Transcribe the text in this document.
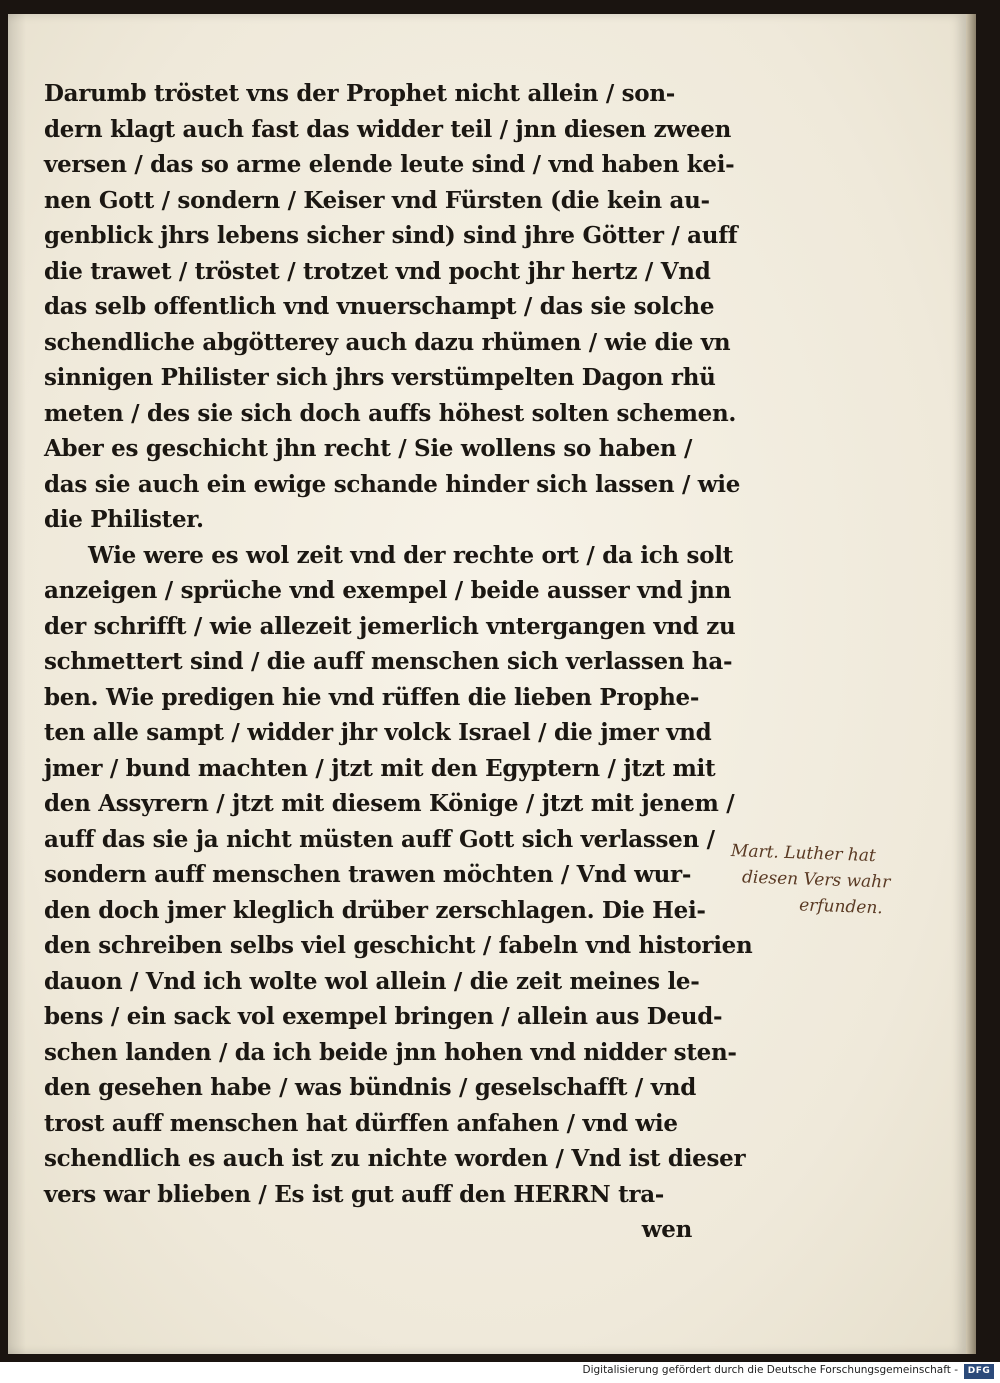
Darumb tröstet vns der Prophet nicht allein / son-
dern klagt auch fast das widder teil / jnn diesen zween
versen / das so arme elende leute sind / vnd haben kei-
nen Gott / sondern / Keiser vnd Fürsten (die kein au-
genblick jhrs lebens sicher sind) sind jhre Götter / auff
die trawet / tröstet / trotzet vnd pocht jhr hertz / Vnd
das selb offentlich vnd vnuerschampt / das sie solche
schendliche abgötterey auch dazu rhümen / wie die vn
sinnigen Philister sich jhrs verstümpelten Dagon rhü
meten / des sie sich doch auffs höhest solten schemen.
Aber es geschicht jhn recht / Sie wollens so haben /
das sie auch ein ewige schande hinder sich lassen / wie
die Philister.
Wie were es wol zeit vnd der rechte ort / da ich solt
anzeigen / sprüche vnd exempel / beide ausser vnd jnn
der schrifft / wie allezeit jemerlich vntergangen vnd zu
schmettert sind / die auff menschen sich verlassen ha-
ben. Wie predigen hie vnd rüffen die lieben Prophe-
ten alle sampt / widder jhr volck Israel / die jmer vnd
jmer / bund machten / jtzt mit den Egyptern / jtzt mit
den Assyrern / jtzt mit diesem Könige / jtzt mit jenem /
auff das sie ja nicht müsten auff Gott sich verlassen /
sondern auff menschen trawen möchten / Vnd wur-
den doch jmer kleglich drüber zerschlagen. Die Hei-
den schreiben selbs viel geschicht / fabeln vnd historien
dauon / Vnd ich wolte wol allein / die zeit meines le-
bens / ein sack vol exempel bringen / allein aus Deud-
schen landen / da ich beide jnn hohen vnd nidder sten-
den gesehen habe / was bündnis / geselschafft / vnd
trost auff menschen hat dürffen anfahen / vnd wie
schendlich es auch ist zu nichte worden / Vnd ist dieser
vers war blieben / Es ist gut auff den HERRN tra-
wen
Mart. Luther hat
diesen Vers wahr
erfunden.
Digitalisierung gefördert durch die Deutsche Forschungsgemeinschaft -	DFG
